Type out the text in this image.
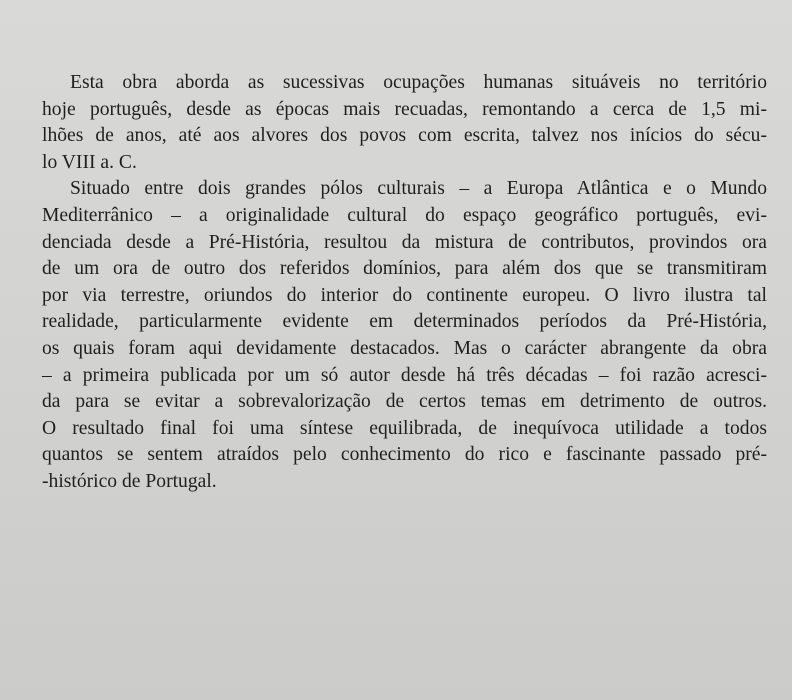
Esta obra aborda as sucessivas ocupações humanas situáveis no território
hoje português, desde as épocas mais recuadas, remontando a cerca de 1,5 mi-
lhões de anos, até aos alvores dos povos com escrita, talvez nos inícios do sécu-
lo VIII a. C.
Situado entre dois grandes pólos culturais – a Europa Atlântica e o Mundo
Mediterrânico – a originalidade cultural do espaço geográfico português, evi-
denciada desde a Pré-História, resultou da mistura de contributos, provindos ora
de um ora de outro dos referidos domínios, para além dos que se transmitiram
por via terrestre, oriundos do interior do continente europeu. O livro ilustra tal
realidade, particularmente evidente em determinados períodos da Pré-História,
os quais foram aqui devidamente destacados. Mas o carácter abrangente da obra
– a primeira publicada por um só autor desde há três décadas – foi razão acresci-
da para se evitar a sobrevalorização de certos temas em detrimento de outros.
O resultado final foi uma síntese equilibrada, de inequívoca utilidade a todos
quantos se sentem atraídos pelo conhecimento do rico e fascinante passado pré-
-histórico de Portugal.
